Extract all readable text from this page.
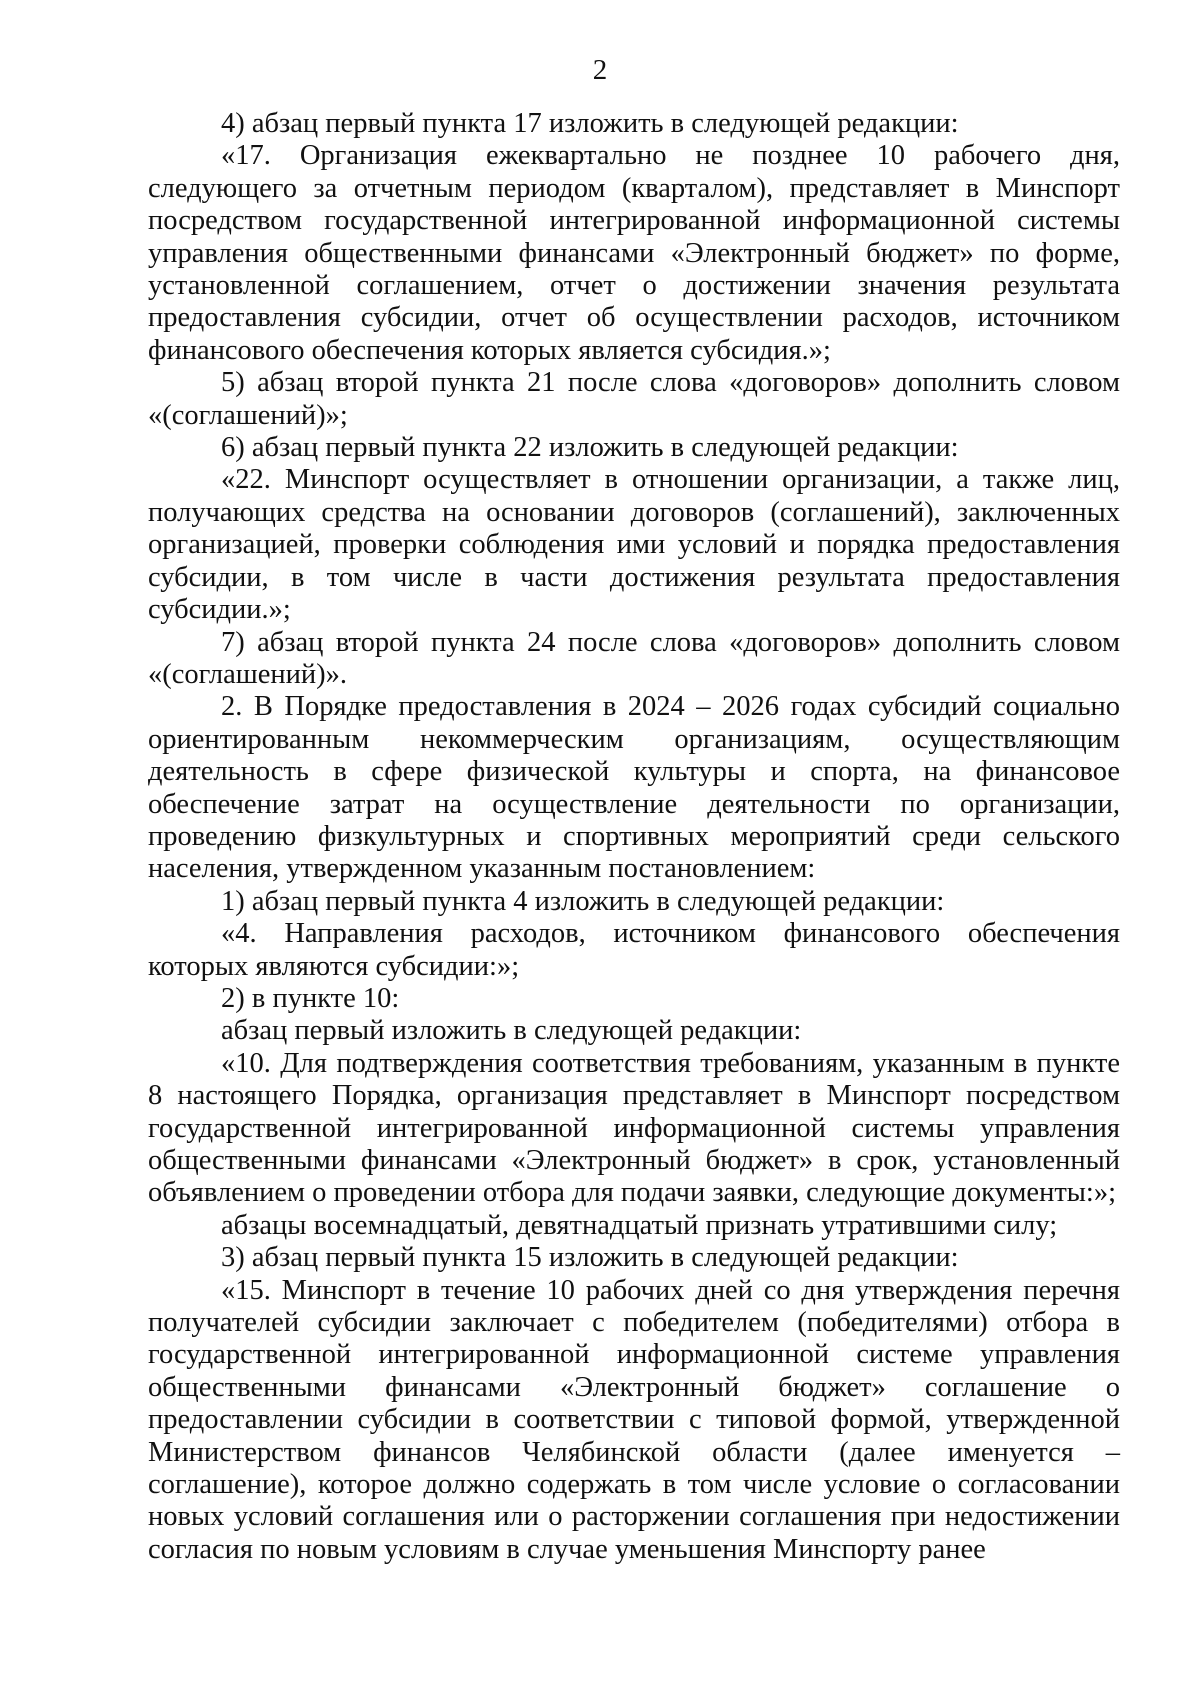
2

4) абзац первый пункта 17 изложить в следующей редакции:

«17. Организация ежеквартально не позднее 10 рабочего дня, следующего за отчетным периодом (кварталом), представляет в Минспорт посредством государственной интегрированной информационной системы управления общественными финансами «Электронный бюджет» по форме, установленной соглашением, отчет о достижении значения результата предоставления субсидии, отчет об осуществлении расходов, источником финансового обеспечения которых является субсидия.»;

5) абзац второй пункта 21 после слова «договоров» дополнить словом «(соглашений)»;

6) абзац первый пункта 22 изложить в следующей редакции:

«22. Минспорт осуществляет в отношении организации, а также лиц, получающих средства на основании договоров (соглашений), заключенных организацией, проверки соблюдения ими условий и порядка предоставления субсидии, в том числе в части достижения результата предоставления субсидии.»;

7) абзац второй пункта 24 после слова «договоров» дополнить словом «(соглашений)».

2. В Порядке предоставления в 2024 – 2026 годах субсидий социально ориентированным некоммерческим организациям, осуществляющим деятельность в сфере физической культуры и спорта, на финансовое обеспечение затрат на осуществление деятельности по организации, проведению физкультурных и спортивных мероприятий среди сельского населения, утвержденном указанным постановлением:

1) абзац первый пункта 4 изложить в следующей редакции:

«4. Направления расходов, источником финансового обеспечения которых являются субсидии:»;

2) в пункте 10:

абзац первый изложить в следующей редакции:

«10. Для подтверждения соответствия требованиям, указанным в пункте 8 настоящего Порядка, организация представляет в Минспорт посредством государственной интегрированной информационной системы управления общественными финансами «Электронный бюджет» в срок, установленный объявлением о проведении отбора для подачи заявки, следующие документы:»;

абзацы восемнадцатый, девятнадцатый признать утратившими силу;

3) абзац первый пункта 15 изложить в следующей редакции:

«15. Минспорт в течение 10 рабочих дней со дня утверждения перечня получателей субсидии заключает с победителем (победителями) отбора в государственной интегрированной информационной системе управления общественными финансами «Электронный бюджет» соглашение о предоставлении субсидии в соответствии с типовой формой, утвержденной Министерством финансов Челябинской области (далее именуется – соглашение), которое должно содержать в том числе условие о согласовании новых условий соглашения или о расторжении соглашения при недостижении согласия по новым условиям в случае уменьшения Минспорту ранее
